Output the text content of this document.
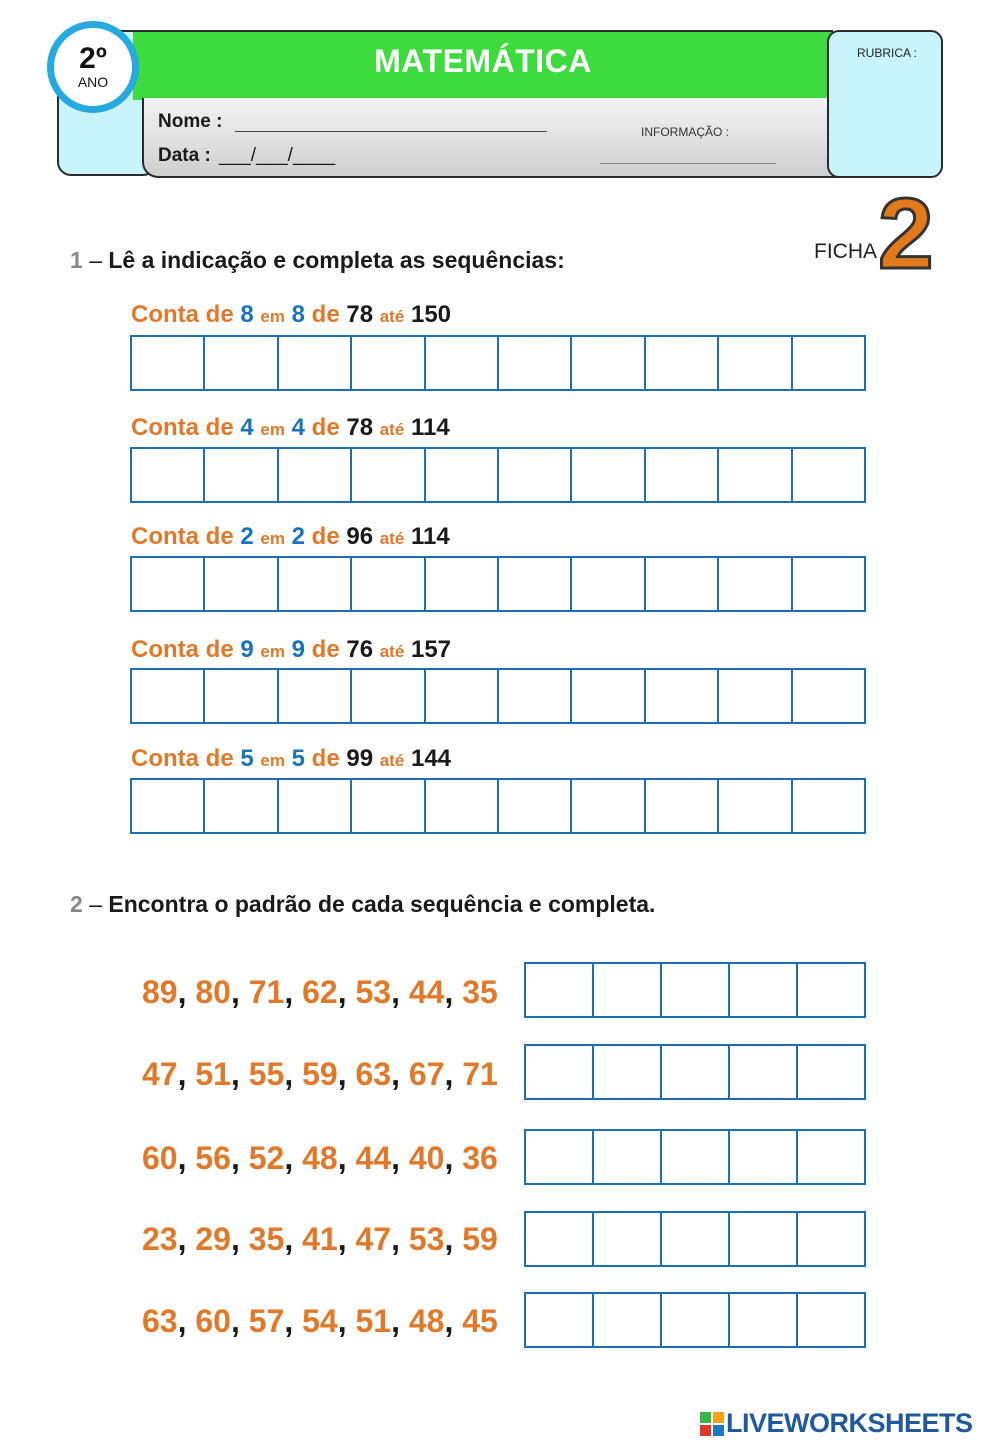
2º
ANO
MATEMÁTICA	RUBRICA :
Nome :
Data : ___/___/____
INFORMAÇÃO :
FICHA 2
1 – Lê a indicação e completa as sequências:
Conta de 8 em 8 de 78 até 150
Conta de 4 em 4 de 78 até 114
Conta de 2 em 2 de 96 até 114
Conta de 9 em 9 de 76 até 157
Conta de 5 em 5 de 99 até 144
2 – Encontra o padrão de cada sequência e completa.
89, 80, 71, 62, 53, 44, 35
47, 51, 55, 59, 63, 67, 71
60, 56, 52, 48, 44, 40, 36
23, 29, 35, 41, 47, 53, 59
63, 60, 57, 54, 51, 48, 45
LIVEWORKSHEETS
